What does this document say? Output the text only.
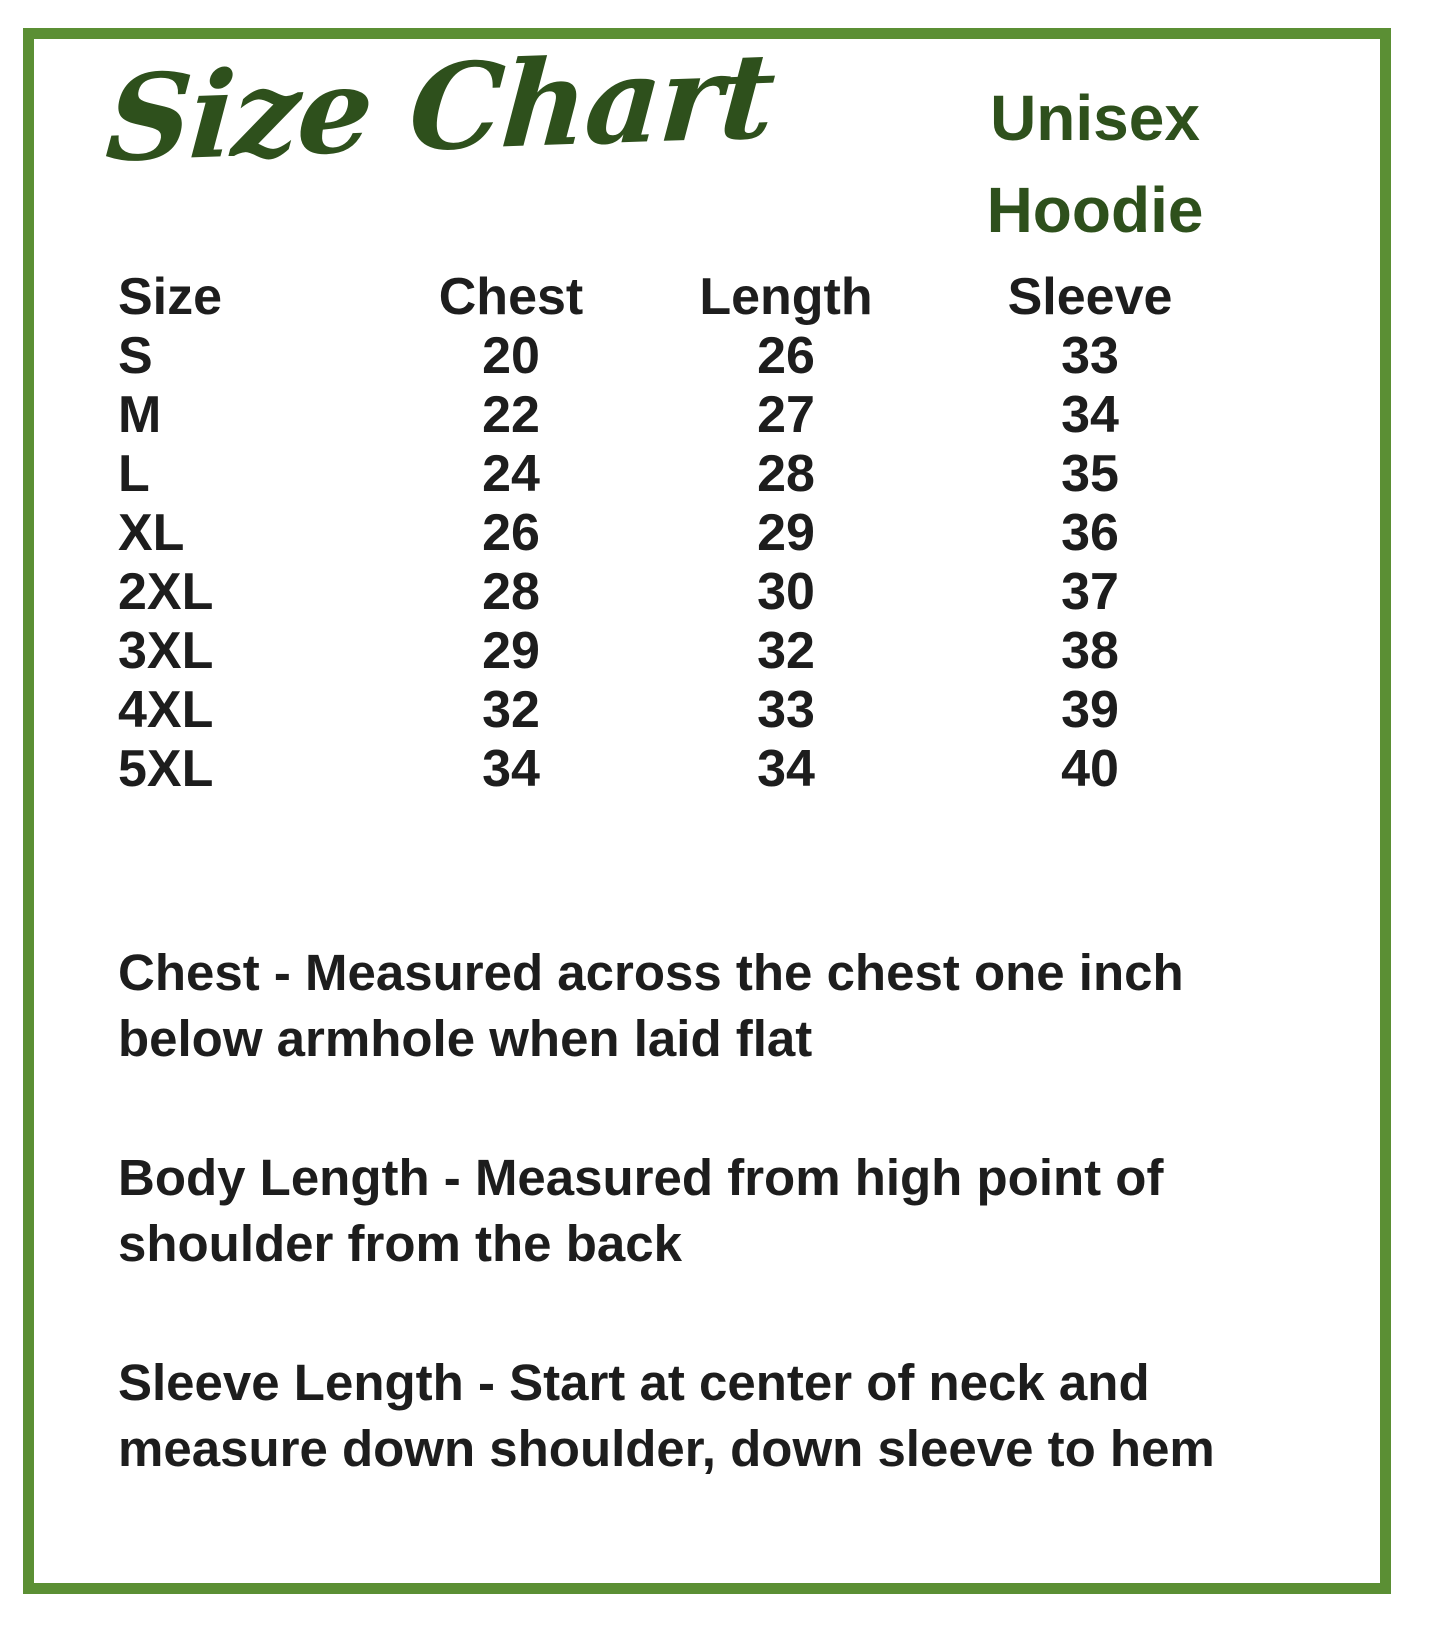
Size Chart	Unisex
Hoodie
Size	Chest	Length	Sleeve
S	20	26	33
M	22	27	34
L	24	28	35
XL	26	29	36
2XL	28	30	37
3XL	29	32	38
4XL	32	33	39
5XL	34	34	40

Chest - Measured across the chest one inch
below armhole when laid flat

Body Length - Measured from high point of
shoulder from the back

Sleeve Length - Start at center of neck and
measure down shoulder, down sleeve to hem
